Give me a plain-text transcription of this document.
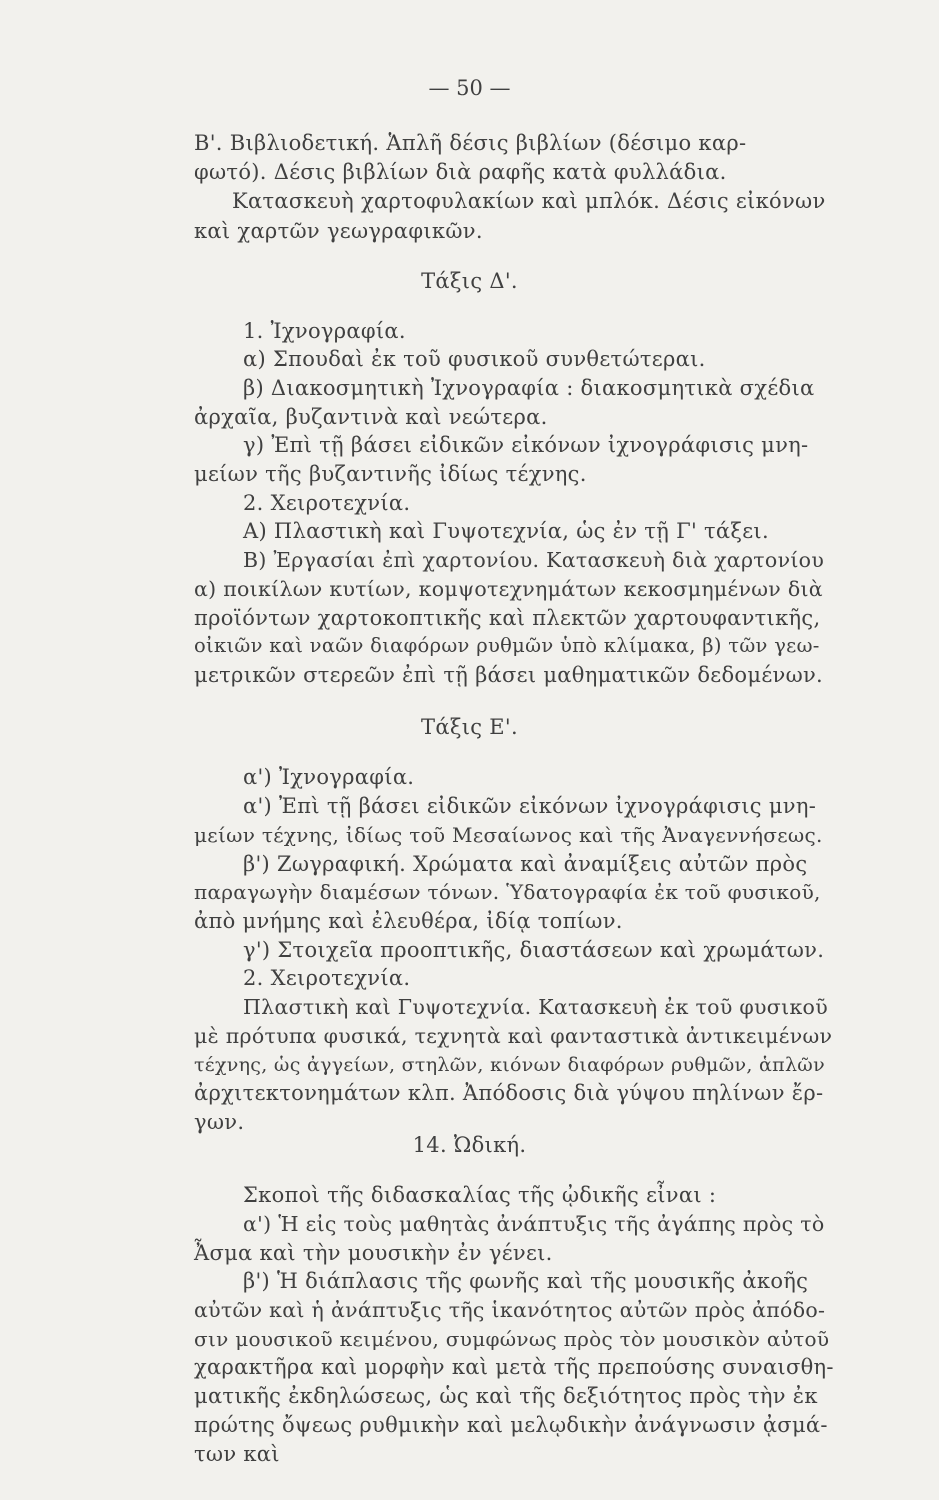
— 50 —
Β'. Βιβλιοδετική. Ἁπλῆ δέσις βιβλίων (δέσιμο καρ-
φωτό). Δέσις βιβλίων διὰ ραφῆς κατὰ φυλλάδια.
Κατασκευὴ χαρτοφυλακίων καὶ μπλόκ. Δέσις εἰκόνων
καὶ χαρτῶν γεωγραφικῶν.
Τάξις Δ'.
1. Ἰχνογραφία.
α) Σπουδαὶ ἐκ τοῦ φυσικοῦ συνθετώτεραι.
β) Διακοσμητικὴ Ἰχνογραφία : διακοσμητικὰ σχέδια
ἀρχαῖα, βυζαντινὰ καὶ νεώτερα.
γ) Ἐπὶ τῇ βάσει εἰδικῶν εἰκόνων ἰχνογράφισις μνη-
μείων τῆς βυζαντινῆς ἰδίως τέχνης.
2. Χειροτεχνία.
Α) Πλαστικὴ καὶ Γυψοτεχνία, ὡς ἐν τῇ Γ' τάξει.
Β) Ἐργασίαι ἐπὶ χαρτονίου. Κατασκευὴ διὰ χαρτονίου
α) ποικίλων κυτίων, κομψοτεχνημάτων κεκοσμημένων διὰ
προϊόντων χαρτοκοπτικῆς καὶ πλεκτῶν χαρτουφαντικῆς,
οἰκιῶν καὶ ναῶν διαφόρων ρυθμῶν ὑπὸ κλίμακα, β) τῶν γεω-
μετρικῶν στερεῶν ἐπὶ τῇ βάσει μαθηματικῶν δεδομένων.
Τάξις Ε'.
α') Ἰχνογραφία.
α') Ἐπὶ τῇ βάσει εἰδικῶν εἰκόνων ἰχνογράφισις μνη-
μείων τέχνης, ἰδίως τοῦ Μεσαίωνος καὶ τῆς Ἀναγεννήσεως.
β') Ζωγραφική. Χρώματα καὶ ἀναμίξεις αὐτῶν πρὸς
παραγωγὴν διαμέσων τόνων. Ὑδατογραφία ἐκ τοῦ φυσικοῦ,
ἀπὸ μνήμης καὶ ἐλευθέρα, ἰδίᾳ τοπίων.
γ') Στοιχεῖα προοπτικῆς, διαστάσεων καὶ χρωμάτων.
2. Χειροτεχνία.
Πλαστικὴ καὶ Γυψοτεχνία. Κατασκευὴ ἐκ τοῦ φυσικοῦ
μὲ πρότυπα φυσικά, τεχνητὰ καὶ φανταστικὰ ἀντικειμένων
τέχνης, ὡς ἀγγείων, στηλῶν, κιόνων διαφόρων ρυθμῶν, ἁπλῶν
ἀρχιτεκτονημάτων κλπ. Ἀπόδοσις διὰ γύψου πηλίνων ἔρ-
γων.
14. Ὠδική.
Σκοποὶ τῆς διδασκαλίας τῆς ᾠδικῆς εἶναι :
α') Ἡ εἰς τοὺς μαθητὰς ἀνάπτυξις τῆς ἀγάπης πρὸς τὸ
Ἆσμα καὶ τὴν μουσικὴν ἐν γένει.
β') Ἡ διάπλασις τῆς φωνῆς καὶ τῆς μουσικῆς ἀκοῆς
αὐτῶν καὶ ἡ ἀνάπτυξις τῆς ἱκανότητος αὐτῶν πρὸς ἀπόδο-
σιν μουσικοῦ κειμένου, συμφώνως πρὸς τὸν μουσικὸν αὐτοῦ
χαρακτῆρα καὶ μορφὴν καὶ μετὰ τῆς πρεπούσης συναισθη-
ματικῆς ἐκδηλώσεως, ὡς καὶ τῆς δεξιότητος πρὸς τὴν ἐκ
πρώτης ὄψεως ρυθμικὴν καὶ μελῳδικὴν ἀνάγνωσιν ᾀσμά-
των καὶ
